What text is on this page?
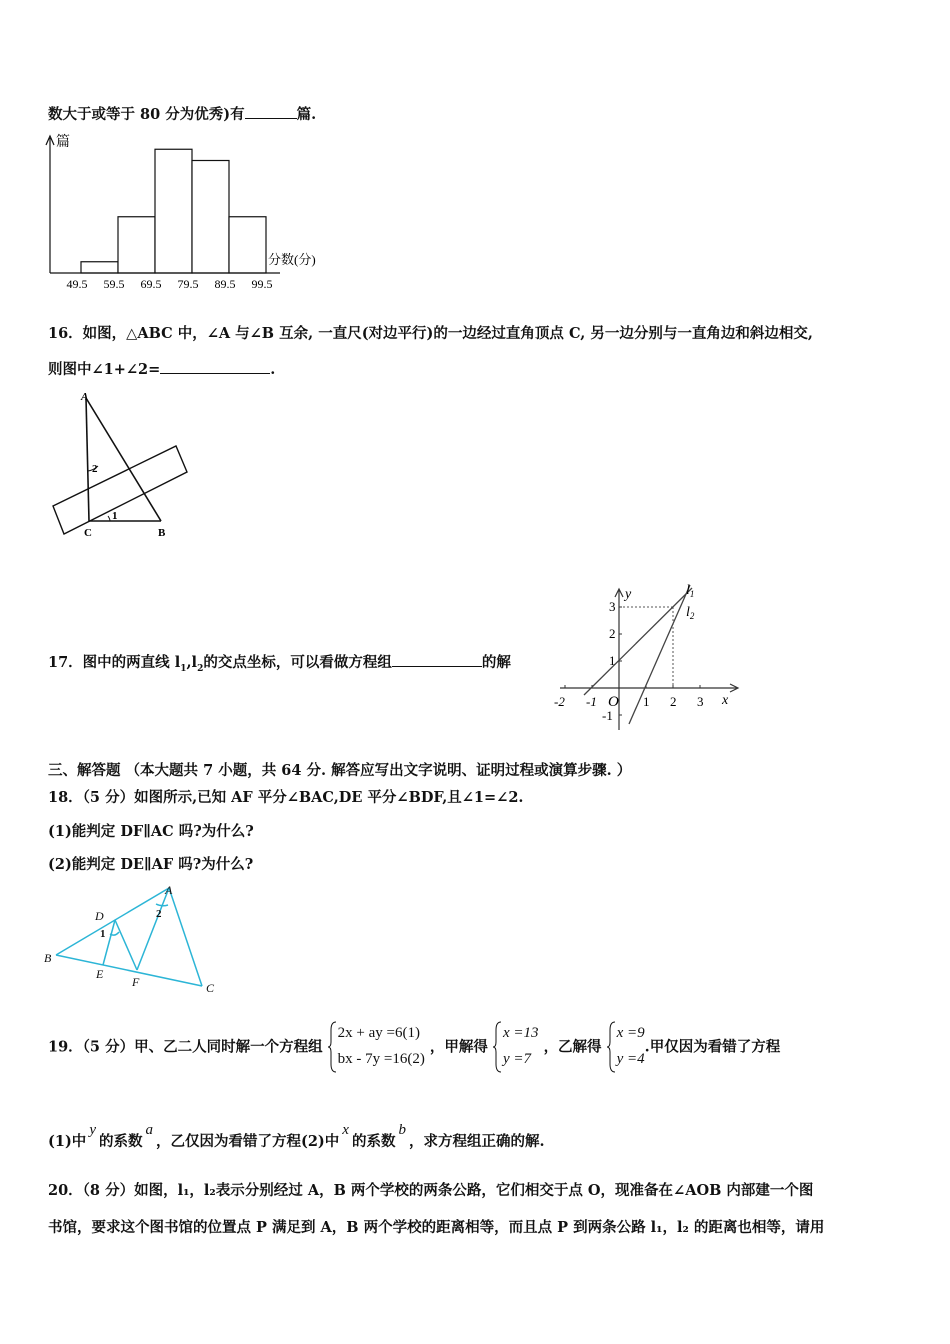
数大于或等于 80 分为优秀)有	篇.
49.5 59.5 69.5 79.5 89.5 99.5
篇
分数(分)
16．如图，△ABC 中，∠A 与∠B 互余, 一直尺(对边平行)的一边经过直角顶点 C, 另一边分别与一直角边和斜边相交,
则图中∠1+∠2=	.
A
C	B
2
1
17．图中的两直线 $l_1,l_2$的交点坐标，可以看做方程组	的解
-2 -1 O 1 2 3 x
3
2
1
-1
y	$l_1$
$l_2$
三、解答题 （本大题共 7 小题，共 64 分. 解答应写出文字说明、证明过程或演算步骤. ）
18．（5 分）如图所示,已知 AF 平分∠BAC,DE 平分∠BDF,且∠1=∠2.
(1)能判定 DF∥AC 吗?为什么?
(2)能判定 DE∥AF 吗?为什么?
A
B
C
D
E
F
1
2
19．（5 分）甲、乙二人同时解一个方程组
2x + ay =6(1)
bx - 7y =16(2)
，甲解得
x =13
y =7
，乙解得
x =9
y =4
.甲仅因为看错了方程
(1)中y的系数a，乙仅因为看错了方程(2)中x的系数b，求方程组正确的解.
20．（8 分）如图，l₁，l₂表示分别经过 A，B 两个学校的两条公路，它们相交于点 O，现准备在∠AOB 内部建一个图
书馆，要求这个图书馆的位置点 P 满足到 A，B 两个学校的距离相等，而且点 P 到两条公路 l₁，l₂ 的距离也相等，请用
